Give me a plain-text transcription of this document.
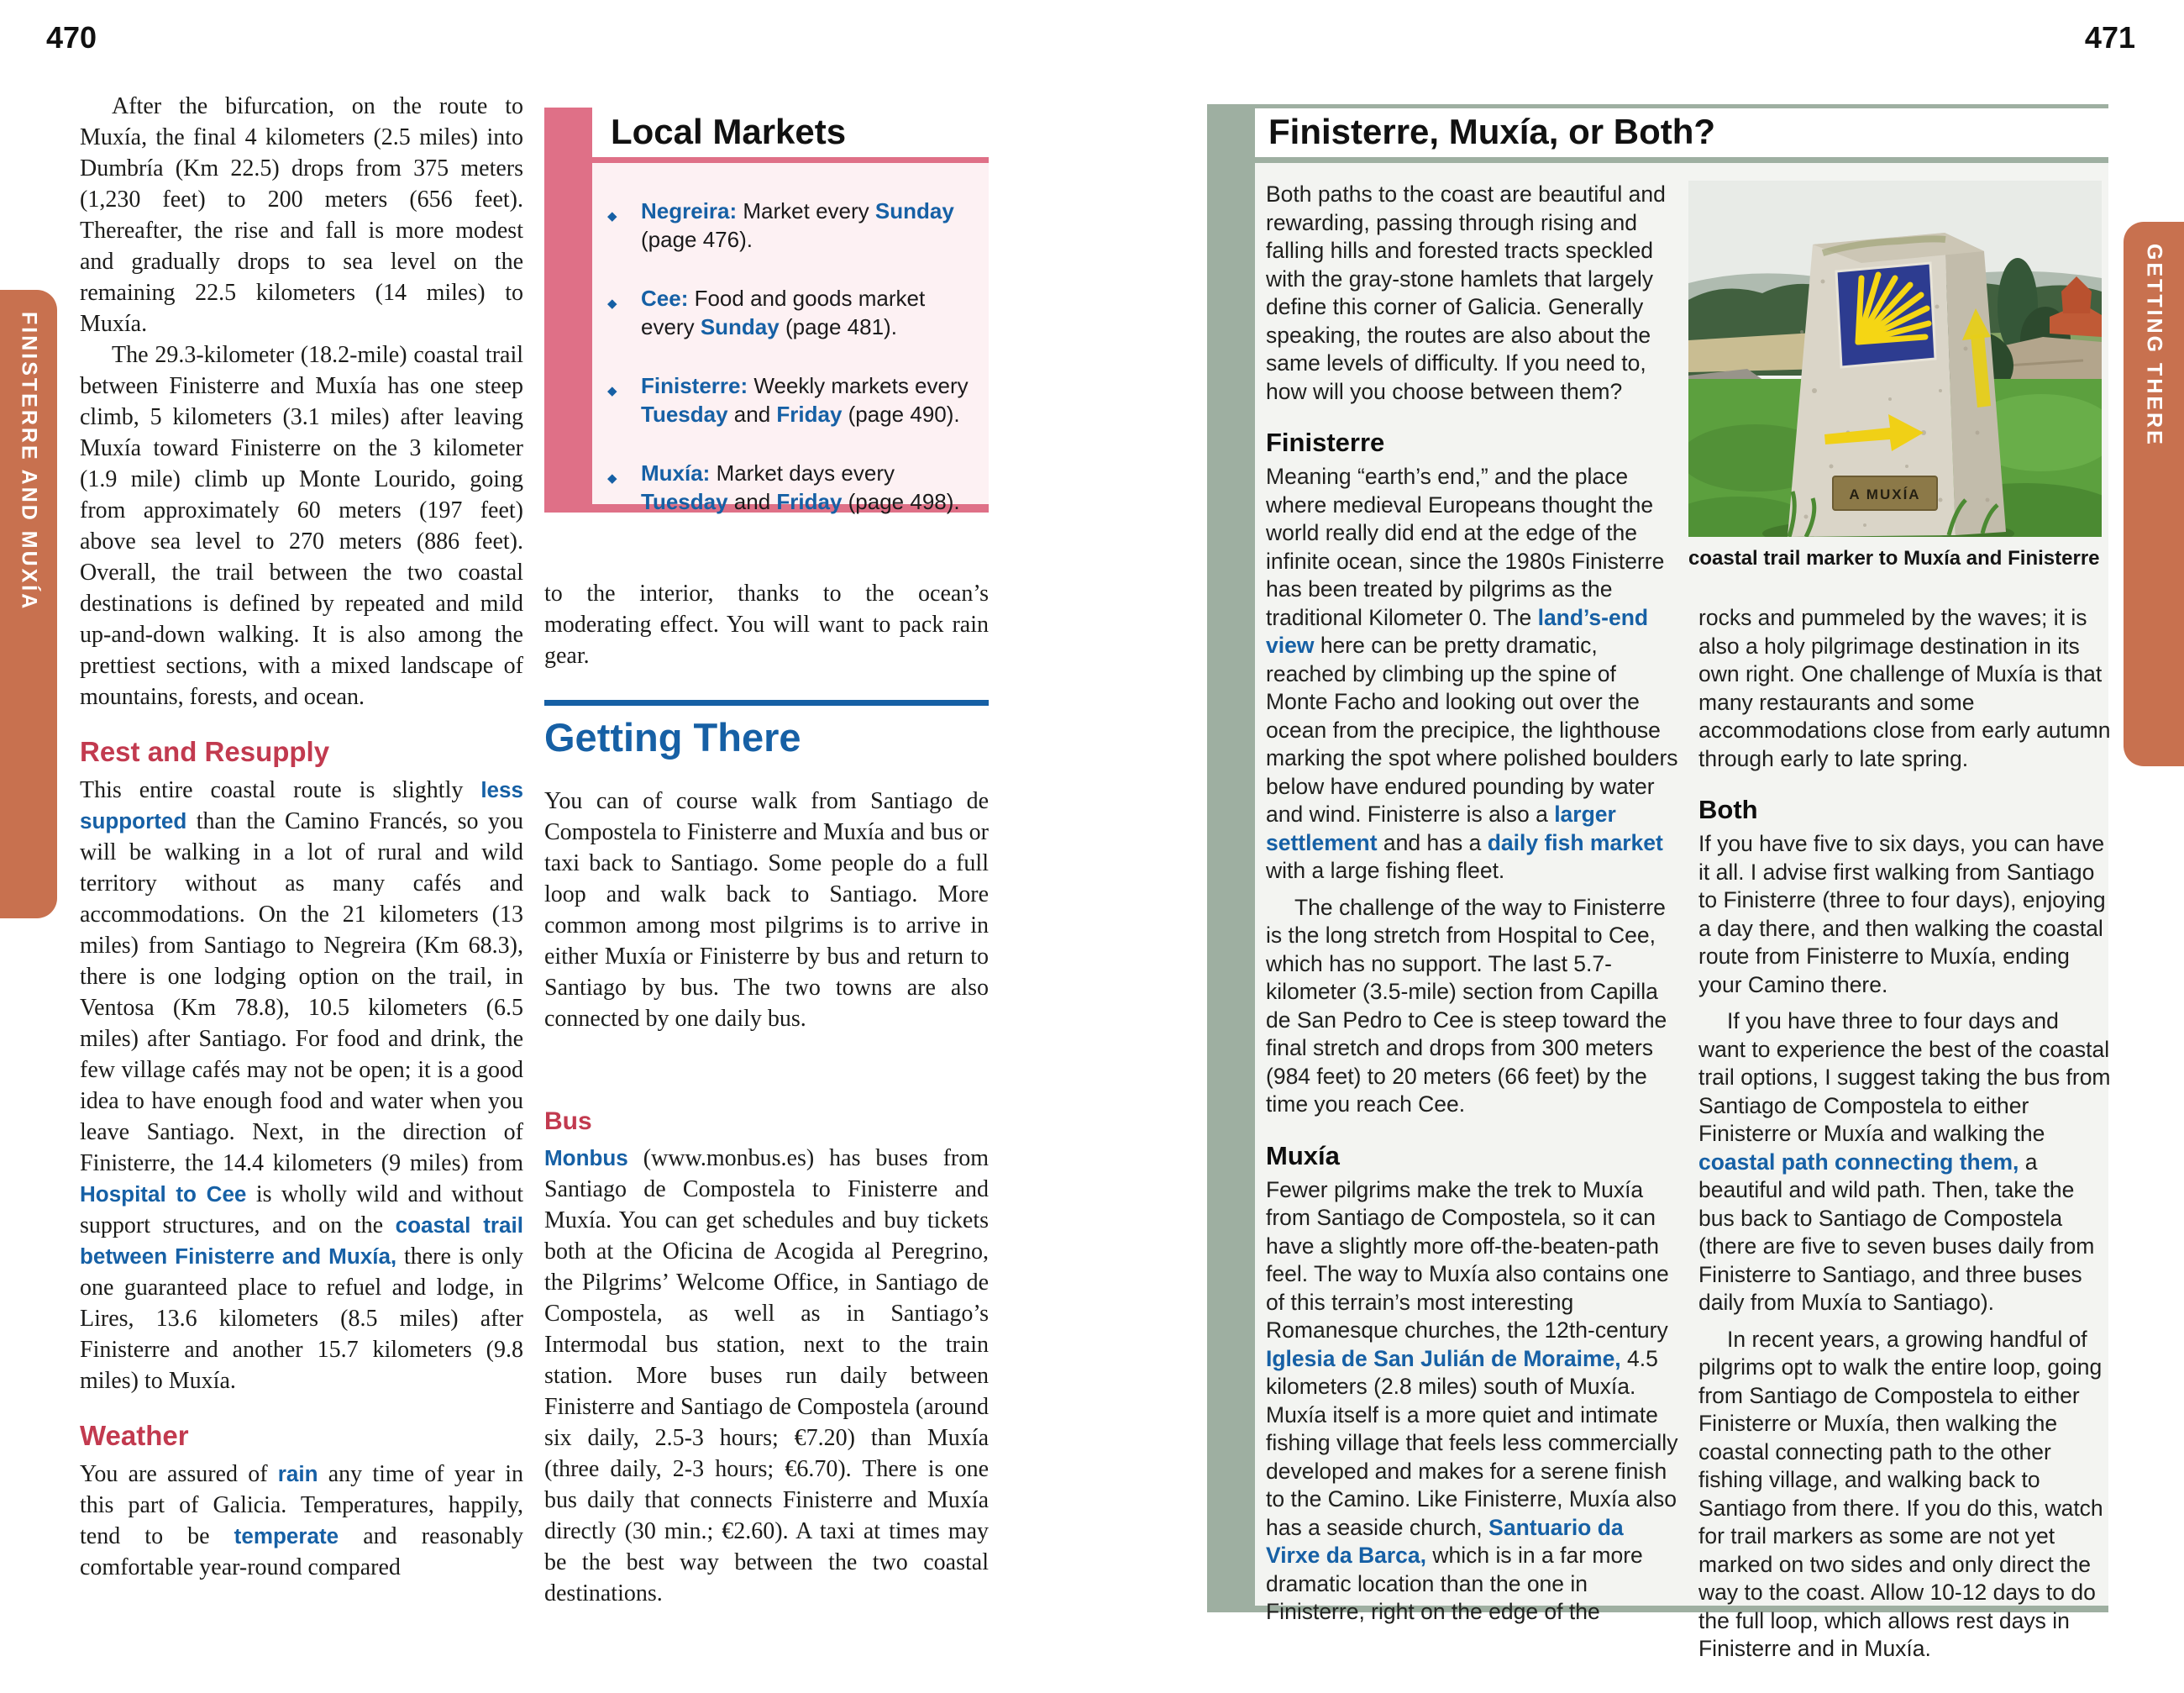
470	471
FINISTERRE AND MUXÍA	GETTING THERE

After the bifurcation, on the route to Muxía, the final 4 kilometers (2.5 miles) into Dumbría (Km 22.5) drops from 375 meters (1,230 feet) to 200 meters (656 feet). Thereafter, the rise and fall is more modest and gradually drops to sea level on the remaining 22.5 kilometers (14 miles) to Muxía.

The 29.3-kilometer (18.2-mile) coastal trail between Finisterre and Muxía has one steep climb, 5 kilometers (3.1 miles) after leaving Muxía toward Finisterre on the 3 kilometer (1.9 mile) climb up Monte Lourido, going from approximately 60 meters (197 feet) above sea level to 270 meters (886 feet). Overall, the trail between the two coastal destinations is defined by repeated and mild up-and-down walking. It is also among the prettiest sections, with a mixed landscape of mountains, forests, and ocean.

Rest and Resupply

This entire coastal route is slightly less supported than the Camino Francés, so you will be walking in a lot of rural and wild territory without as many cafés and accommodations. On the 21 kilometers (13 miles) from Santiago to Negreira (Km 68.3), there is one lodging option on the trail, in Ventosa (Km 78.8), 10.5 kilometers (6.5 miles) after Santiago. For food and drink, the few village cafés may not be open; it is a good idea to have enough food and water when you leave Santiago. Next, in the direction of Finisterre, the 14.4 kilometers (9 miles) from Hospital to Cee is wholly wild and without support structures, and on the coastal trail between Finisterre and Muxía, there is only one guaranteed place to refuel and lodge, in Lires, 13.6 kilometers (8.5 miles) after Finisterre and another 15.7 kilometers (9.8 miles) to Muxía.

Weather

You are assured of rain any time of year in this part of Galicia. Temperatures, happily, tend to be temperate and reasonably comfortable year-round compared

Local Markets
◆ Negreira: Market every Sunday (page 476).
◆ Cee: Food and goods market every Sunday (page 481).
◆ Finisterre: Weekly markets every Tuesday and Friday (page 490).
◆ Muxía: Market days every Tuesday and Friday (page 498).

to the interior, thanks to the ocean’s moderating effect. You will want to pack rain gear.

Getting There

You can of course walk from Santiago de Compostela to Finisterre and Muxía and bus or taxi back to Santiago. Some people do a full loop and walk back to Santiago. More common among most pilgrims is to arrive in either Muxía or Finisterre by bus and return to Santiago by bus. The two towns are also connected by one daily bus.

Bus

Monbus (www.monbus.es) has buses from Santiago de Compostela to Finisterre and Muxía. You can get schedules and buy tickets both at the Oficina de Acogida al Peregrino, the Pilgrims’ Welcome Office, in Santiago de Compostela, as well as in Santiago’s Intermodal bus station, next to the train station. More buses run daily between Finisterre and Santiago de Compostela (around six daily, 2.5-3 hours; €7.20) than Muxía (three daily, 2-3 hours; €6.70). There is one bus daily that connects Finisterre and Muxía directly (30 min.; €2.60). A taxi at times may be the best way between the two coastal destinations.

Finisterre, Muxía, or Both?

Both paths to the coast are beautiful and rewarding, passing through rising and falling hills and forested tracts speckled with the gray-stone hamlets that largely define this corner of Galicia. Generally speaking, the routes are also about the same levels of difficulty. If you need to, how will you choose between them?

Finisterre

Meaning “earth’s end,” and the place where medieval Europeans thought the world really did end at the edge of the infinite ocean, since the 1980s Finisterre has been treated by pilgrims as the traditional Kilometer 0. The land’s-end view here can be pretty dramatic, reached by climbing up the spine of Monte Facho and looking out over the ocean from the precipice, the lighthouse marking the spot where polished boulders below have endured pounding by water and wind. Finisterre is also a larger settlement and has a daily fish market with a large fishing fleet.

The challenge of the way to Finisterre is the long stretch from Hospital to Cee, which has no support. The last 5.7-kilometer (3.5-mile) section from Capilla de San Pedro to Cee is steep toward the final stretch and drops from 300 meters (984 feet) to 20 meters (66 feet) by the time you reach Cee.

Muxía

Fewer pilgrims make the trek to Muxía from Santiago de Compostela, so it can have a slightly more off-the-beaten-path feel. The way to Muxía also contains one of this terrain’s most interesting Romanesque churches, the 12th-century Iglesia de San Julián de Moraime, 4.5 kilometers (2.8 miles) south of Muxía. Muxía itself is a more quiet and intimate fishing village that feels less commercially developed and makes for a serene finish to the Camino. Like Finisterre, Muxía also has a seaside church, Santuario da Virxe da Barca, which is in a far more dramatic location than the one in Finisterre, right on the edge of the

A MUXÍA
coastal trail marker to Muxía and Finisterre

rocks and pummeled by the waves; it is also a holy pilgrimage destination in its own right. One challenge of Muxía is that many restaurants and some accommodations close from early autumn through early to late spring.

Both

If you have five to six days, you can have it all. I advise first walking from Santiago to Finisterre (three to four days), enjoying a day there, and then walking the coastal route from Finisterre to Muxía, ending your Camino there.

If you have three to four days and want to experience the best of the coastal trail options, I suggest taking the bus from Santiago de Compostela to either Finisterre or Muxía and walking the coastal path connecting them, a beautiful and wild path. Then, take the bus back to Santiago de Compostela (there are five to seven buses daily from Finisterre to Santiago, and three buses daily from Muxía to Santiago).

In recent years, a growing handful of pilgrims opt to walk the entire loop, going from Santiago de Compostela to either Finisterre or Muxía, then walking the coastal connecting path to the other fishing village, and walking back to Santiago from there. If you do this, watch for trail markers as some are not yet marked on two sides and only direct the way to the coast. Allow 10-12 days to do the full loop, which allows rest days in Finisterre and in Muxía.
